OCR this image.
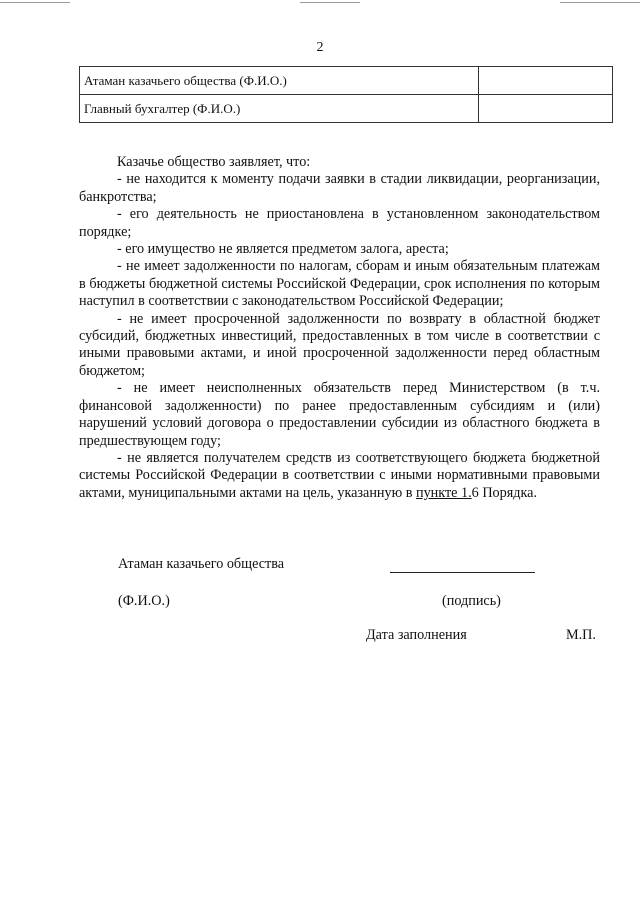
2
Атаман казачьего общества (Ф.И.О.)	
Главный бухгалтер (Ф.И.О.)	

Казачье общество заявляет, что:

- не находится к моменту подачи заявки в стадии ликвидации, реорганизации, банкротства;

- его деятельность не приостановлена в установленном законодательством порядке;

- его имущество не является предметом залога, ареста;

- не имеет задолженности по налогам, сборам и иным обязательным платежам в бюджеты бюджетной системы Российской Федерации, срок исполнения по которым наступил в соответствии с законодательством Российской Федерации;

- не имеет просроченной задолженности по возврату в областной бюджет субсидий, бюджетных инвестиций, предоставленных в том числе в соответствии с иными правовыми актами, и иной просроченной задолженности перед областным бюджетом;

- не имеет неисполненных обязательств перед Министерством (в т.ч. финансовой задолженности) по ранее предоставленным субсидиям и (или) нарушений условий договора о предоставлении субсидии из областного бюджета в предшествующем году;

- не является получателем средств из соответствующего бюджета бюджетной системы Российской Федерации в соответствии с иными нормативными правовыми актами, муниципальными актами на цель, указанную в пункте 1.6 Порядка.

Атаман казачьего общества
(Ф.И.О.)	(подпись)
Дата заполнения	М.П.
